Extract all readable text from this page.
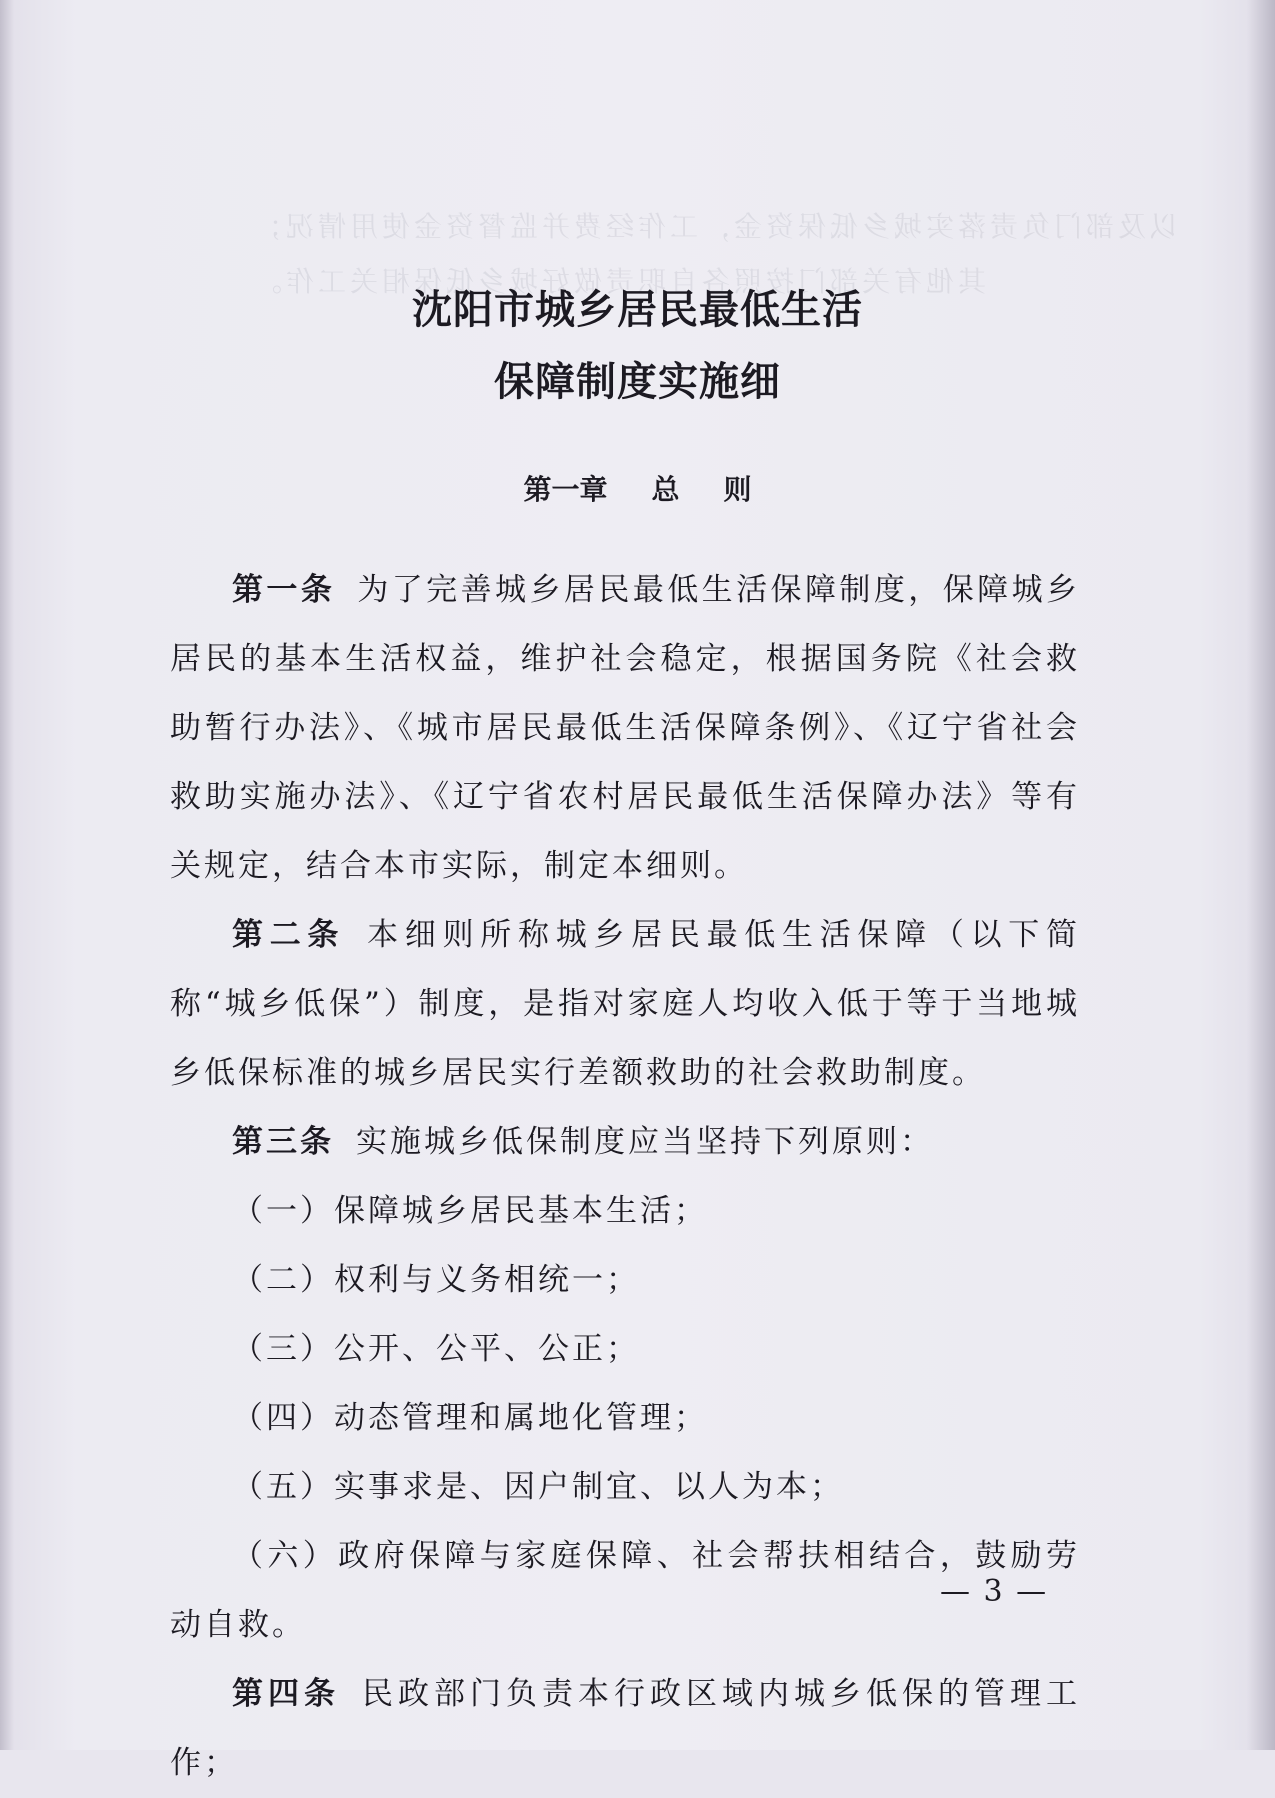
以及部门负责落实城乡低保资金，工作经费并监督资金使用情况；
其他有关部门按照各自职责做好城乡低保相关工作。
沈阳市城乡居民最低生活
保障制度实施细
第一章 总 则

第一条 为了完善城乡居民最低生活保障制度，保障城乡居民的基本生活权益，维护社会稳定，根据国务院《社会救助暂行办法》、《城市居民最低生活保障条例》、《辽宁省社会救助实施办法》、《辽宁省农村居民最低生活保障办法》等有关规定，结合本市实际，制定本细则。

第二条 本细则所称城乡居民最低生活保障（以下简称“城乡低保”）制度，是指对家庭人均收入低于等于当地城乡低保标准的城乡居民实行差额救助的社会救助制度。

第三条 实施城乡低保制度应当坚持下列原则：

（一）保障城乡居民基本生活；

（二）权利与义务相统一；

（三）公开、公平、公正；

（四）动态管理和属地化管理；

（五）实事求是、因户制宜、以人为本；

（六）政府保障与家庭保障、社会帮扶相结合，鼓励劳动自救。

第四条 民政部门负责本行政区域内城乡低保的管理工作；

— 3 —
